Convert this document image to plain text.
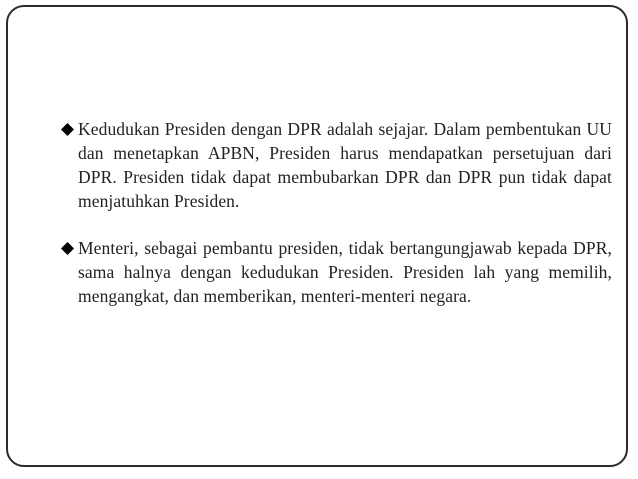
Kedudukan Presiden dengan DPR adalah sejajar. Dalam pembentukan UU dan menetapkan APBN, Presiden harus mendapatkan persetujuan dari DPR. Presiden tidak dapat membubarkan DPR dan DPR pun tidak dapat menjatuhkan Presiden.
Menteri, sebagai pembantu presiden, tidak bertangungjawab kepada DPR, sama halnya dengan kedudukan Presiden. Presiden lah yang memilih, mengangkat, dan memberikan, menteri-menteri negara.
